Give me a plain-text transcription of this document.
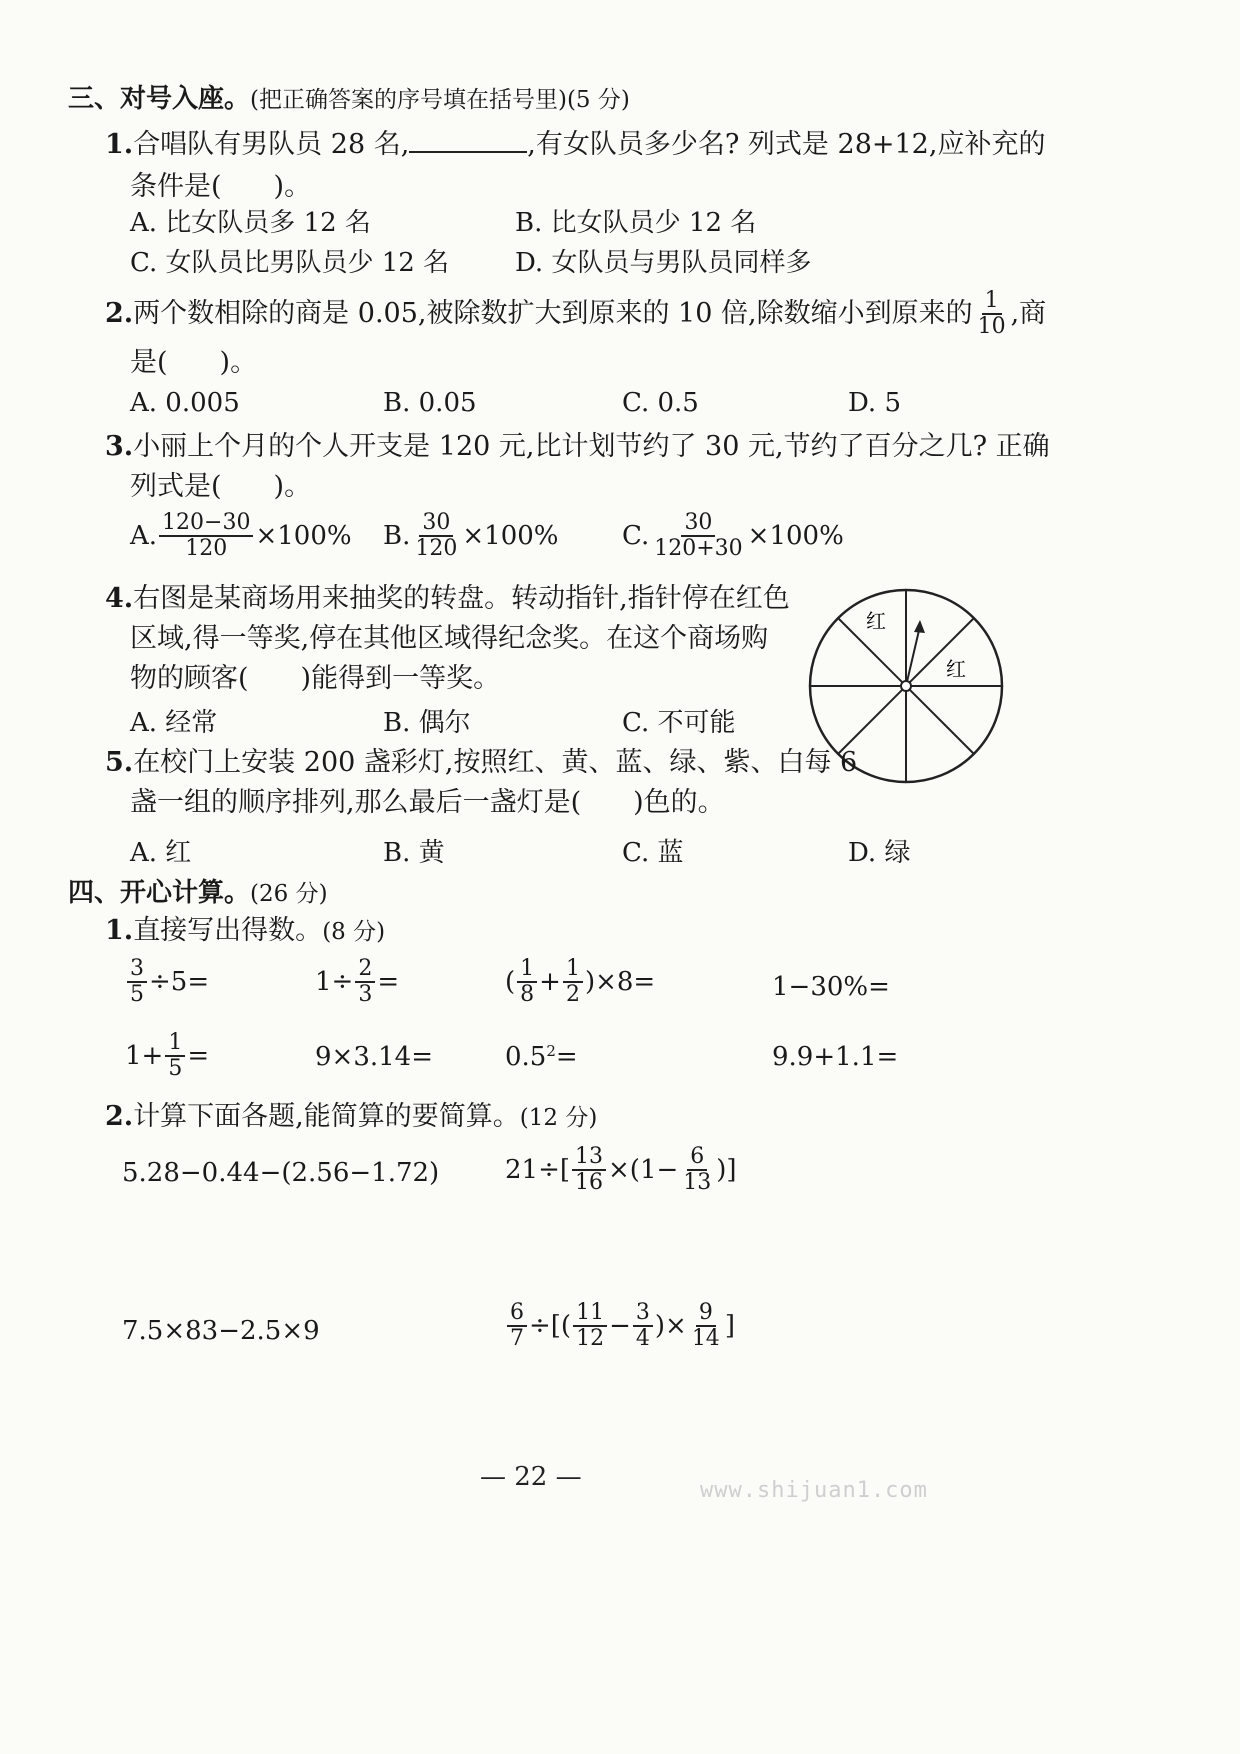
三、对号入座。(把正确答案的序号填在括号里)(5 分)
1.合唱队有男队员 28 名,	,有女队员多少名? 列式是 28+12,应补充的
条件是( )。
A. 比女队员多 12 名	B. 比女队员少 12 名
C. 女队员比男队员少 12 名	D. 女队员与男队员同样多
2. 两个数相除的商是 0.05,被除数扩大到原来的 10 倍,除数缩小到原来的 $\frac{1}{10}$ ,商
是( )。
A. 0.005	B. 0.05	C. 0.5	D. 5
3.小丽上个月的个人开支是 120 元,比计划节约了 30 元,节约了百分之几? 正确
列式是( )。
A. $\frac{120-30}{120} \times 100\%$ B. $\frac{30}{120} \times 100\%$ C. $\frac{30}{120+30} \times 100\%$
4.右图是某商场用来抽奖的转盘。转动指针,指针停在红色
区域,得一等奖,停在其他区域得纪念奖。在这个商场购
物的顾客( )能得到一等奖。
A. 经常	B. 偶尔	C. 不可能
红
红
5.在校门上安装 200 盏彩灯,按照红、黄、蓝、绿、紫、白每 6
盏一组的顺序排列,那么最后一盏灯是( )色的。
A. 红	B. 黄	C. 蓝	D. 绿
四、开心计算。(26 分)
1.直接写出得数。(8 分)
$\frac{3}{5} \div 5=$	$1\div \frac{2}{3}$ =	( $\frac{1}{8} + \frac{1}{2} )\times 8=$	1−30%=
$1+ \frac{1}{5}$ =	9×3.14=	$0.5^2$ =	9.9+1.1=
2.计算下面各题,能简算的要简算。(12 分)
5.28−0.44−(2.56−1.72)	$21\div[ \frac{13}{16} \times(1- \frac{6}{13}$ )]
7.5×83−2.5×9	$\frac{6}{7}$ ÷[( $\frac{11}{12} - \frac{3}{4}$ )× $\frac{9}{14}$ ]
— 22 —	www.shijuan1.com
